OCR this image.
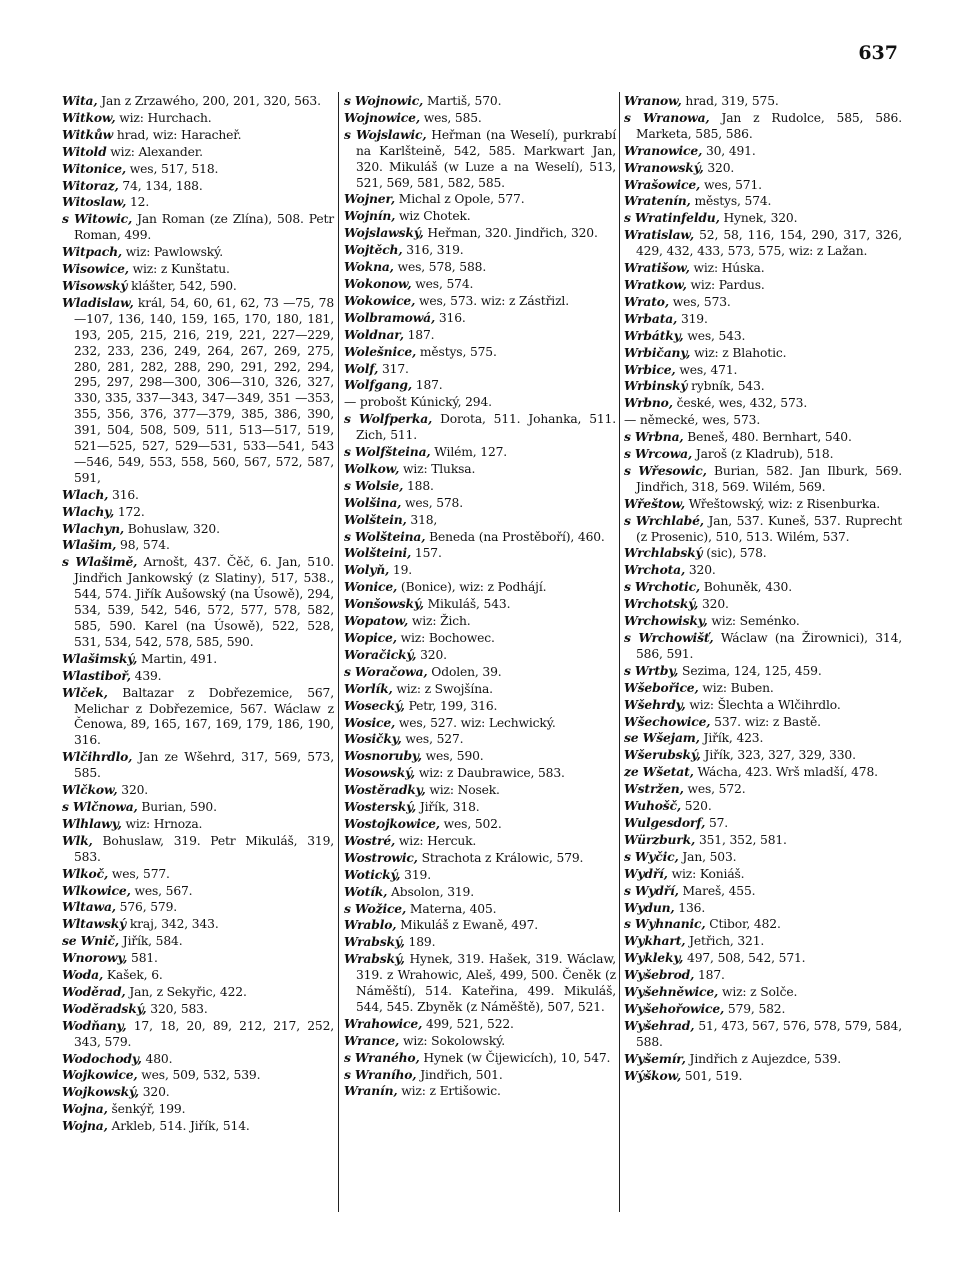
637

Wita, Jan z Zrzawého, 200, 201, 320, 563.

Witkow, wiz: Hurchach.

Witkůw hrad, wiz: Haracheř.

Witold wiz: Alexander.

Witonice, wes, 517, 518.

Witoraz, 74, 134, 188.

Witoslaw, 12.

s Witowic, Jan Roman (ze Zlína), 508. Petr Roman, 499.

Witpach, wiz: Pawlowský.

Wisowice, wiz: z Kunštatu.

Wisowský klášter, 542, 590.

Wladislaw, král, 54, 60, 61, 62, 73 —75, 78—107, 136, 140, 159, 165, 170, 180, 181, 193, 205, 215, 216, 219, 221, 227—229, 232, 233, 236, 249, 264, 267, 269, 275, 280, 281, 282, 288, 290, 291, 292, 294, 295, 297, 298—300, 306—310, 326, 327, 330, 335, 337—343, 347—349, 351 —353, 355, 356, 376, 377—379, 385, 386, 390, 391, 504, 508, 509, 511, 513—517, 519, 521—525, 527, 529—531, 533—541, 543—546, 549, 553, 558, 560, 567, 572, 587, 591,

Wlach, 316.

Wlachy, 172.

Wlachyn, Bohuslaw, 320.

Wlašim, 98, 574.

s Wlašimě, Arnošt, 437. Čěč, 6. Jan, 510. Jindřich Jankowský (z Slatiny), 517, 538., 544, 574. Jiřík Aušowský (na Úsowě), 294, 534, 539, 542, 546, 572, 577, 578, 582, 585, 590. Karel (na Úsowě), 522, 528, 531, 534, 542, 578, 585, 590.

Wlašimský, Martin, 491.

Wlastiboř, 439.

Wlček, Baltazar z Dobřezemice, 567, Melichar z Dobřezemice, 567. Wáclaw z Čenowa, 89, 165, 167, 169, 179, 186, 190, 316.

Wlčihrdlo, Jan ze Wšehrd, 317, 569, 573, 585.

Wlčkow, 320.

s Wlčnowa, Burian, 590.

Wlhlawy, wiz: Hrnoza.

Wlk, Bohuslaw, 319. Petr Mikuláš, 319, 583.

Wlkoč, wes, 577.

Wlkowice, wes, 567.

Wltawa, 576, 579.

Wltawský kraj, 342, 343.

se Wnič, Jiřík, 584.

Wnorowy, 581.

Woda, Kašek, 6.

Woděrad, Jan, z Sekyřic, 422.

Woděradský, 320, 583.

Wodňany, 17, 18, 20, 89, 212, 217, 252, 343, 579.

Wodochody, 480.

Wojkowice, wes, 509, 532, 539.

Wojkowský, 320.

Wojna, šenkýř, 199.

Wojna, Arkleb, 514. Jiřík, 514.

s Wojnowic, Martiš, 570.

Wojnowice, wes, 585.

s Wojslawic, Heřman (na Weselí), purkrabí na Karlšteině, 542, 585. Markwart Jan, 320. Mikuláš (w Luze a na Weselí), 513, 521, 569, 581, 582, 585.

Wojner, Michal z Opole, 577.

Wojnín, wiz Chotek.

Wojslawský, Heřman, 320. Jindřich, 320.

Wojtěch, 316, 319.

Wokna, wes, 578, 588.

Wokonow, wes, 574.

Wokowice, wes, 573. wiz: z Zástřizl.

Wolbramowá, 316.

Woldnar, 187.

Wolešnice, městys, 575.

Wolf, 317.

Wolfgang, 187.

— probošt Kúnický, 294.

s Wolfperka, Dorota, 511. Johanka, 511. Zich, 511.

s Wolfšteina, Wilém, 127.

Wolkow, wiz: Tluksa.

s Wolsie, 188.

Wolšina, wes, 578.

Wolštein, 318,

s Wolšteina, Beneda (na Prostěboří), 460.

Wolšteini, 157.

Wolyň, 19.

Wonice, (Bonice), wiz: z Podhájí.

Wonšowský, Mikuláš, 543.

Wopatow, wiz: Žich.

Wopice, wiz: Bochowec.

Woračický, 320.

s Woračowa, Odolen, 39.

Worlík, wiz: z Swojšína.

Wosecký, Petr, 199, 316.

Wosice, wes, 527. wiz: Lechwický.

Wosičky, wes, 527.

Wosnoruby, wes, 590.

Wosowský, wiz: z Daubrawice, 583.

Wostěradky, wiz: Nosek.

Wosterský, Jiřík, 318.

Wostojkowice, wes, 502.

Wostré, wiz: Hercuk.

Wostrowic, Strachota z Králowic, 579.

Wotický, 319.

Wotík, Absolon, 319.

s Wožice, Materna, 405.

Wrablo, Mikuláš z Ewaně, 497.

Wrabský, 189.

Wrabský, Hynek, 319. Hašek, 319. Wáclaw, 319. z Wrahowic, Aleš, 499, 500. Čeněk (z Náměští), 514. Kateřina, 499. Mikuláš, 544, 545. Zbyněk (z Náměště), 507, 521.

Wrahowice, 499, 521, 522.

Wrance, wiz: Sokolowský.

s Wraného, Hynek (w Čijewicích), 10, 547.

s Wraního, Jindřich, 501.

Wranín, wiz: z Ertišowic.

Wranow, hrad, 319, 575.

s Wranowa, Jan z Rudolce, 585, 586. Marketa, 585, 586.

Wranowice, 30, 491.

Wranowský, 320.

Wrašowice, wes, 571.

Wratenín, městys, 574.

s Wratinfeldu, Hynek, 320.

Wratislaw, 52, 58, 116, 154, 290, 317, 326, 429, 432, 433, 573, 575, wiz: z Lažan.

Wratišow, wiz: Húska.

Wratkow, wiz: Pardus.

Wrato, wes, 573.

Wrbata, 319.

Wrbátky, wes, 543.

Wrbičany, wiz: z Blahotic.

Wrbice, wes, 471.

Wrbinský rybník, 543.

Wrbno, české, wes, 432, 573.

— německé, wes, 573.

s Wrbna, Beneš, 480. Bernhart, 540.

s Wrcowa, Jaroš (z Kladrub), 518.

s Wřesowic, Burian, 582. Jan Ilburk, 569. Jindřich, 318, 569. Wilém, 569.

Wřeštow, Wřeštowský, wiz: z Risenburka.

s Wrchlabé, Jan, 537. Kuneš, 537. Ruprecht (z Prosenic), 510, 513. Wilém, 537.

Wrchlabský (sic), 578.

Wrchota, 320.

s Wrchotic, Bohuněk, 430.

Wrchotský, 320.

Wrchowisky, wiz: Seménko.

s Wrchowišť, Wáclaw (na Žirownici), 314, 586, 591.

s Wrtby, Sezima, 124, 125, 459.

Wšebořice, wiz: Buben.

Wšehrdy, wiz: Šlechta a Wlčihrdlo.

Wšechowice, 537. wiz: z Bastě.

se Wšejam, Jiřík, 423.

Wšerubský, Jiřík, 323, 327, 329, 330.

ze Wšetat, Wácha, 423. Wrš mladší, 478.

Wstržen, wes, 572.

Wuhošč, 520.

Wulgesdorf, 57.

Würzburk, 351, 352, 581.

s Wyčic, Jan, 503.

Wydří, wiz: Koniáš.

s Wydří, Mareš, 455.

Wydun, 136.

s Wyhnanic, Ctibor, 482.

Wykhart, Jetřich, 321.

Wykleky, 497, 508, 542, 571.

Wyšebrod, 187.

Wyšehněwice, wiz: z Solče.

Wyšehořowice, 579, 582.

Wyšehrad, 51, 473, 567, 576, 578, 579, 584, 588.

Wyšemír, Jindřich z Aujezdce, 539.

Wýškow, 501, 519.
